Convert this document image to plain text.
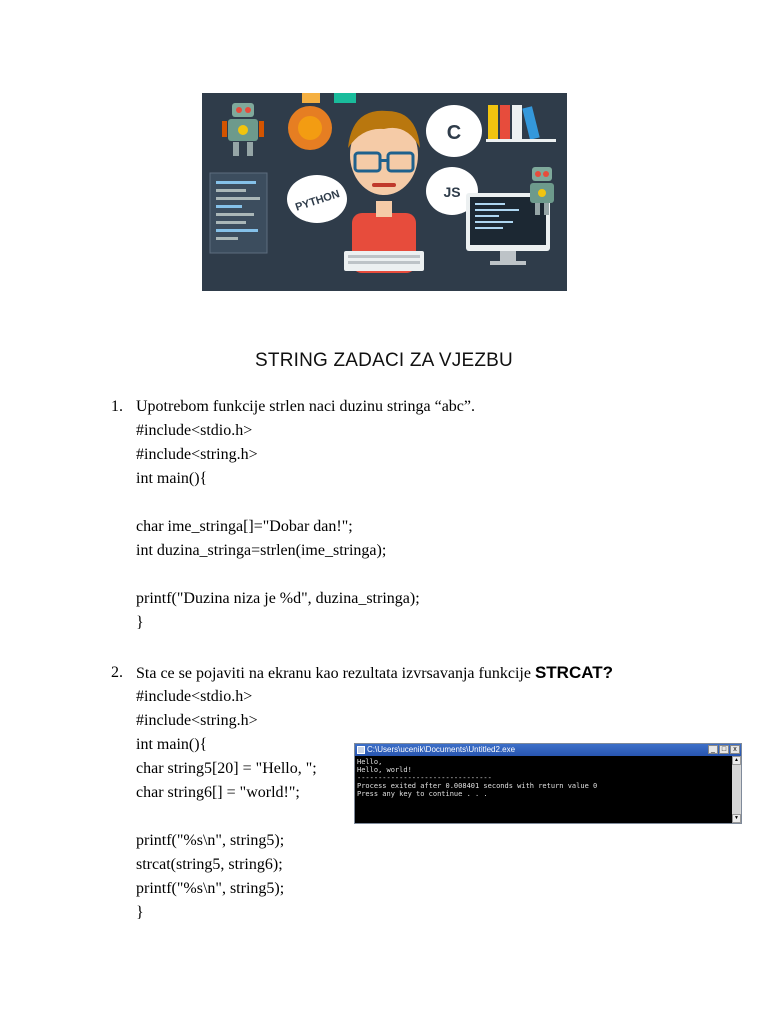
PYTHON
C
JS
STRING ZADACI ZA VJEZBU
1. Upotrebom funkcije strlen naci duzinu stringa “abc”.
#include<stdio.h>
#include<string.h>
int main(){
char ime_stringa[]="Dobar dan!";
int duzina_stringa=strlen(ime_stringa);
printf("Duzina niza je %d", duzina_stringa);
}
2. Sta ce se pojaviti na ekranu kao rezultata izvrsavanja funkcije STRCAT?
#include<stdio.h>
#include<string.h>
int main(){
char string5[20] = "Hello, ";
char string6[] = "world!";
printf("%s\n", string5);
strcat(string5, string6);
printf("%s\n", string5);
}
C:\Users\ucenik\Documents\Untitled2.exe	_ □	x
Hello,
Hello, world!
--------------------------------
Process exited after 0.008401 seconds with return value 0
Press any key to continue . . .
▲
▼
